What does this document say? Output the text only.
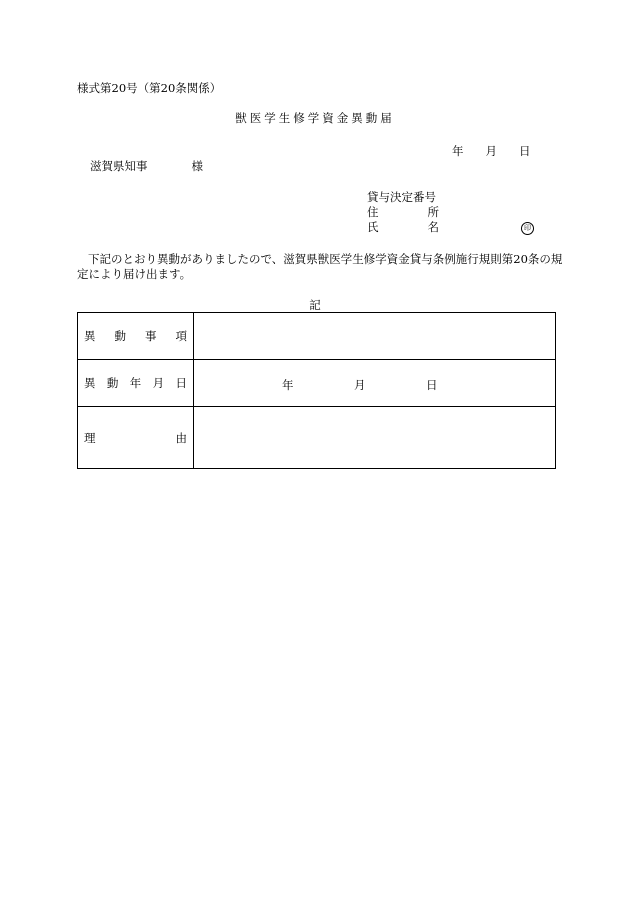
様式第20号（第20条関係）
獣医学生修学資金異動届
年 月 日
滋賀県知事	様
貸与決定番号
住所
氏名	印
下記のとおり異動がありましたので、滋賀県獣医学生修学資金貸与条例施行規則第20条の規定により届け出ます。
記
異動事項	

異動年月日	年 月 日

理由	
